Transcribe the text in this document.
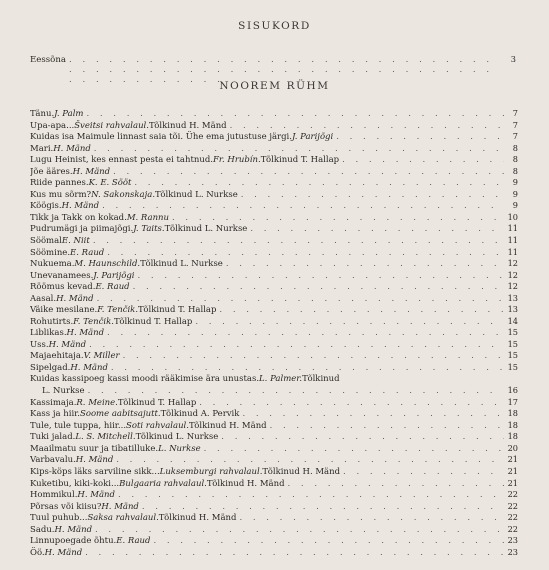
SISUKORD
Eessõna . . .	3
NOOREM RÜHM
Tänu. J. Palm . . .	7
Upa-apa... Šveitsi rahvalaul. Tõlkinud H. Mänd . . .	7
Kuidas isa Maimule linnast saia tõi. Ühe ema jutustuse järgi. J. Parijõgi . . .	7
Mari. H. Mänd . . .	8
Lugu Heinist, kes ennast pesta ei tahtnud. Fr. Hrubín. Tõlkinud T. Hallap . . .	8
Jõe ääres. H. Mänd . . .	8
Riide pannes. K. E. Sööt . . .	9
Kus mu sõrm? N. Sakonskaja. Tõlkinud L. Nurkse . . .	9
Köögis. H. Mänd . . .	9
Tikk ja Takk on kokad. M. Rannu . . .	10
Pudrumägi ja piimajõgi. J. Taits. Tõlkinud L. Nurkse . . .	11
Söömal E. Niit . . .	11
Söömine. E. Raud . . .	11
Nukuema. M. Haunschild. Tõlkinud L. Nurkse . . .	12
Unevanamees. J. Parijõgi . . .	12
Röömus kevad. E. Raud . . .	12
Aasal. H. Mänd . . .	13
Väike mesilane. F. Tenčik. Tõlkinud T. Hallap . . .	13
Rohutirts. F. Tenčik. Tõlkinud T. Hallap . . .	14
Liblikas. H. Mänd . . .	15
Uss. H. Mänd . . .	15
Majaehitaja. V. Miller . . .	15
Sipelgad. H. Mänd . . .	15
Kuidas kassipoeg kassi moodi rääkimise ära unustas. L. Palmer. Tõlkinud
L. Nurkse . . .	16
Kassimaja. R. Meine. Tõlkinud T. Hallap . . .	17
Kass ja hiir. Soome aabitsajutt. Tõlkinud A. Pervik . . .	18
Tule, tule tuppa, hiir... Soti rahvalaul. Tõlkinud H. Mänd . . .	18
Tuki jalad. L. S. Mitchell. Tõlkinud L. Nurkse . . .	18
Maailmatu suur ja tibatilluke. L. Nurkse . . .	20
Varbavalu. H. Mänd . . .	21
Kips-köps läks sarviline sikk... Luksemburgi rahvalaul. Tõlkinud H. Mänd . . .	21
Kuketibu, kiki-koki... Bulgaaria rahvalaul. Tõlkinud H. Mänd . . .	21
Hommikul. H. Mänd . . .	22
Põrsas või kiisu? H. Mänd . . .	22
Tuul puhub... Saksa rahvalaul. Tõlkinud H. Mänd . . .	22
Sadu. H. Mänd . . .	22
Linnupoegade õhtu. E. Raud . . .	23
Öö. H. Mänd . . .	23
